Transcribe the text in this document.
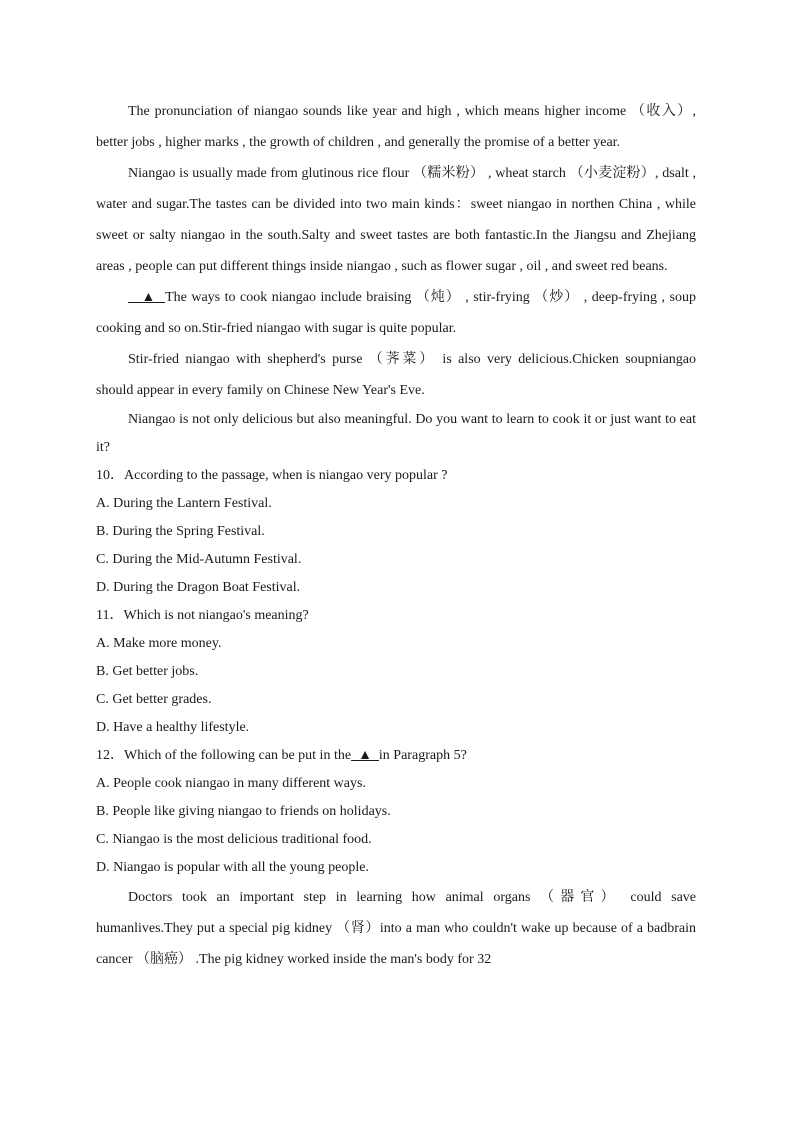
The pronunciation of niangao sounds like year and high , which means higher income （收入）, better jobs , higher marks , the growth of children , and generally the promise of a better year.

Niangao is usually made from glutinous rice flour （糯米粉） , wheat starch （小麦淀粉）, dsalt , water and sugar.The tastes can be divided into two main kinds：sweet niangao in northen China , while sweet or salty niangao in the south.Salty and sweet tastes are both fantastic.In the Jiangsu and Zhejiang areas , people can put different things inside niangao , such as flower sugar , oil , and sweet red beans.

▲  The ways to cook niangao include braising （炖） , stir-frying （炒） , deep-frying , soup cooking and so on.Stir-fried niangao with sugar is quite popular.

Stir-fried niangao with shepherd's purse （荠菜） is also very delicious.Chicken soupniangao should appear in every family on Chinese New Year's Eve.

Niangao is not only delicious but also meaningful. Do you want to learn to cook it or just want to eat it?

10．According to the passage, when is niangao very popular ?

A. During the Lantern Festival.

B. During the Spring Festival.

C. During the Mid-Autumn Festival.

D. During the Dragon Boat Festival.

11．Which is not niangao's meaning?

A. Make more money.

B. Get better jobs.

C. Get better grades.

D. Have a healthy lifestyle.

12．Which of the following can be put in the  ▲  in Paragraph 5?

A. People cook niangao in many different ways.

B. People like giving niangao to friends on holidays.

C. Niangao is the most delicious traditional food.

D. Niangao is popular with all the young people.

Doctors took an important step in learning how animal organs （器官） could save humanlives.They put a special pig kidney （肾）into a man who couldn't wake up because of a badbrain cancer （脑癌） .The pig kidney worked inside the man's body for 32
